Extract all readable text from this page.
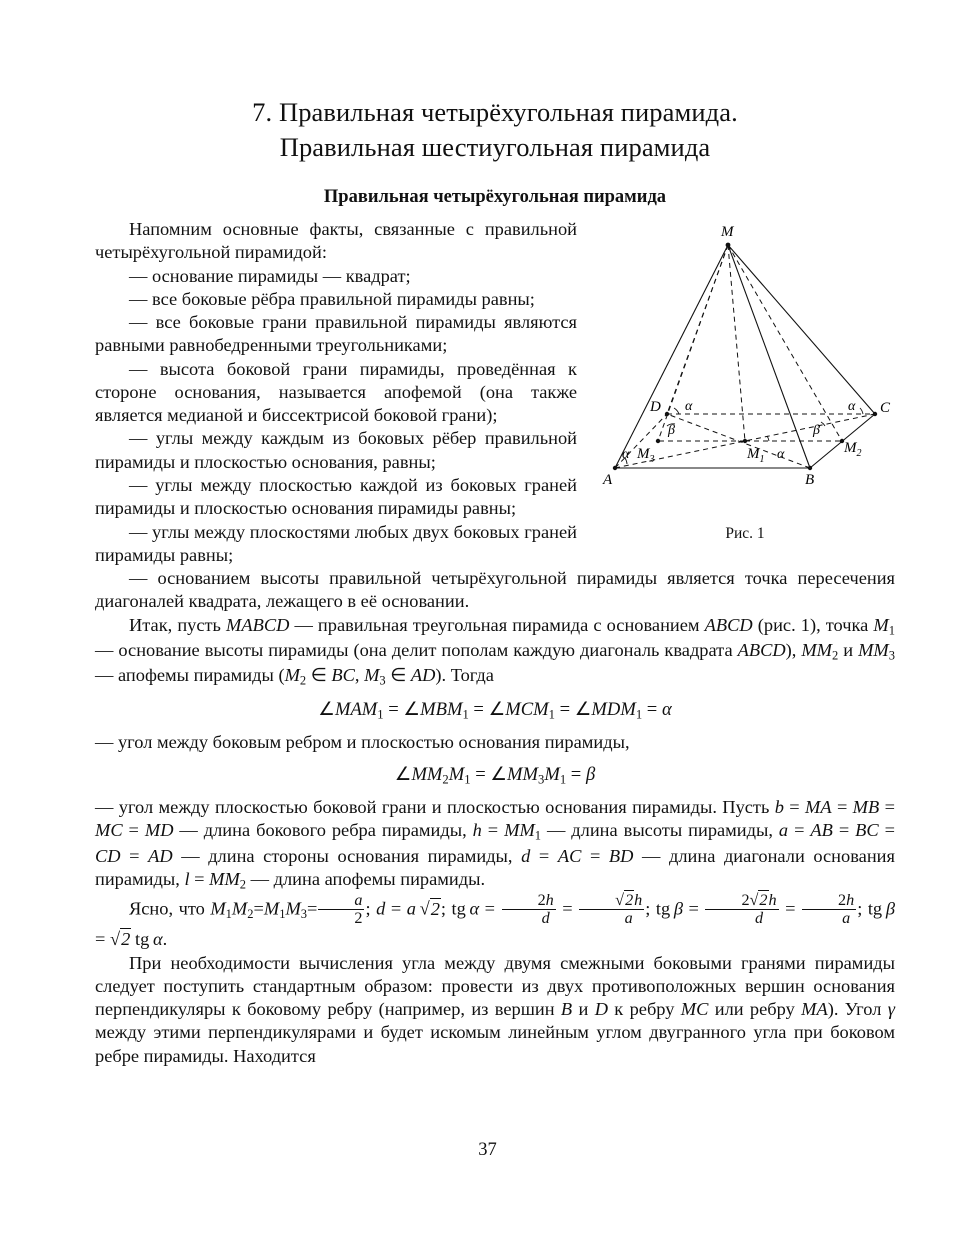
7. Правильная четырёхугольная пирамида.
Правильная шестиугольная пирамида
Правильная четырёхугольная пирамида
M
A	B
C
D
$M_1$
$M_3$
$M_2$
α	α
α	α
β	β
Рис. 1

Напомним основные факты, связанные с правильной четырёхугольной пирамидой:

— основание пирамиды — квадрат;

— все боковые рёбра правильной пирамиды равны;

— все боковые грани правильной пирамиды являются равными равнобедренными треугольниками;

— высота боковой грани пирамиды, проведённая к стороне основания, называется апофемой (она также является медианой и биссектрисой боковой грани);

— углы между каждым из боковых рёбер правильной пирамиды и плоскостью основания, равны;

— углы между плоскостью каждой из боковых граней пирамиды и плоскостью основания пирамиды равны;

— углы между плоскостями любых двух боковых граней пирамиды равны;

— основанием высоты правильной четырёхугольной пирамиды является точка пересечения диагоналей квадрата, лежащего в её основании.

Итак, пусть MABCD — правильная треугольная пирамида с основанием ABCD (рис. 1), точка $M_1$ — основание высоты пирамиды (она делит пополам каждую диагональ квадрата ABCD), $MM_2$ и $MM_3$ — апофемы пирамиды ($M_2$ ∈ BC, $M_3$ ∈ AD). Тогда

$\angle MAM_1$ = $\angle MBM_1$ = $\angle MCM_1$ = $\angle MDM_1 = \alpha$

— угол между боковым ребром и плоскостью основания пирамиды,

$\angle MM_2M_1$ = $\angle MM_3M_1 = \beta$

— угол между плоскостью боковой грани и плоскостью основания пирамиды. Пусть b = MA = MB = MC = MD — длина бокового ребра пирамиды, $h = MM_1$ — длина высоты пирамиды, a = AB = BC = CD = AD — длина стороны основания пирамиды, d = AC = BD — длина диагонали основания пирамиды, $l = MM_2$ — длина апофемы пирамиды.

Ясно, что $M_1M_2=M_1M_3= \frac{a}{2}$ ; d = a  √2; tg $\alpha = \frac{2h}{d} = \frac{√2h}{a}$ ; tg $\beta = \frac{2√2h}{d} = \frac{2h}{a}$ ; tg β = √2 tg α.

При необходимости вычисления угла между двумя смежными боковыми гранями пирамиды следует поступить стандартным образом: провести из двух противоположных вершин основания перпендикуляры к боковому ребру (например, из вершин B и D к ребру MC или ребру MA). Угол γ между этими перпендикулярами и будет искомым линейным углом двугранного угла при боковом ребре пирамиды. Находится

37
